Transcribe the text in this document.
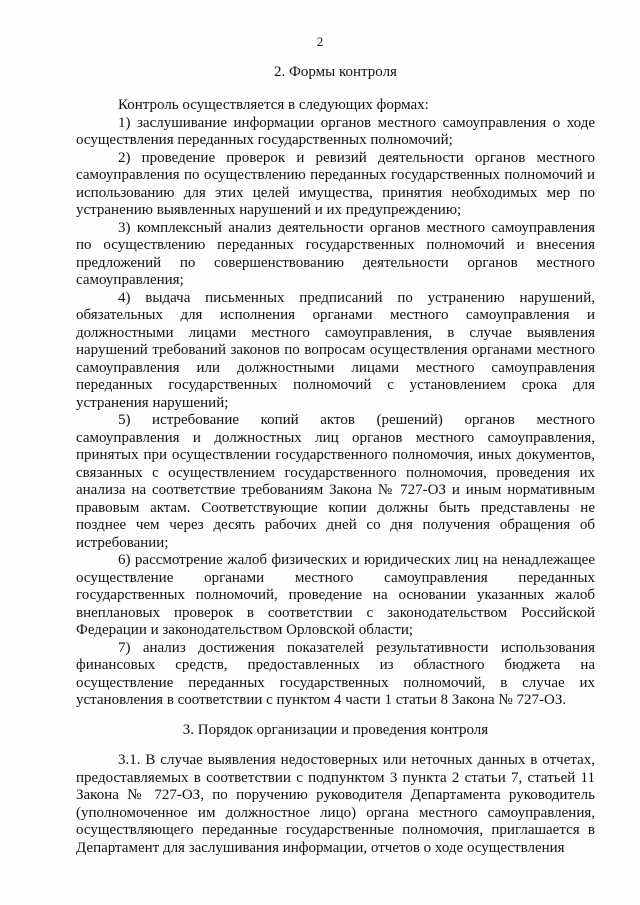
2
2. Формы контроля

Контроль осуществляется в следующих формах:

1) заслушивание информации органов местного самоуправления о ходе осуществления переданных государственных полномочий;

2) проведение проверок и ревизий деятельности органов местного самоуправления по осуществлению переданных государственных полномочий и использованию для этих целей имущества, принятия необходимых мер по устранению выявленных нарушений и их предупреждению;

3) комплексный анализ деятельности органов местного самоуправления по осуществлению переданных государственных полномочий и внесения предложений по совершенствованию деятельности органов местного самоуправления;

4) выдача письменных предписаний по устранению нарушений, обязательных для исполнения органами местного самоуправления и должностными лицами местного самоуправления, в случае выявления нарушений требований законов по вопросам осуществления органами местного самоуправления или должностными лицами местного самоуправления переданных государственных полномочий с установлением срока для устранения нарушений;

5) истребование копий актов (решений) органов местного самоуправления и должностных лиц органов местного самоуправления, принятых при осуществлении государственного полномочия, иных документов, связанных с осуществлением государственного полномочия, проведения их анализа на соответствие требованиям Закона № 727-ОЗ и иным нормативным правовым актам. Соответствующие копии должны быть представлены не позднее чем через десять рабочих дней со дня получения обращения об истребовании;

6) рассмотрение жалоб физических и юридических лиц на ненадлежащее осуществление органами местного самоуправления переданных государственных полномочий, проведение на основании указанных жалоб внеплановых проверок в соответствии с законодательством Российской Федерации и законодательством Орловской области;

7) анализ достижения показателей результативности использования финансовых средств, предоставленных из областного бюджета на осуществление переданных государственных полномочий, в случае их установления в соответствии с пунктом 4 части 1 статьи 8 Закона № 727-ОЗ.

3. Порядок организации и проведения контроля

3.1. В случае выявления недостоверных или неточных данных в отчетах, предоставляемых в соответствии с подпунктом 3 пункта 2 статьи 7, статьей 11 Закона № 727-ОЗ, по поручению руководителя Департамента руководитель (уполномоченное им должностное лицо) органа местного самоуправления, осуществляющего переданные государственные полномочия, приглашается в Департамент для заслушивания информации, отчетов о ходе осуществления
